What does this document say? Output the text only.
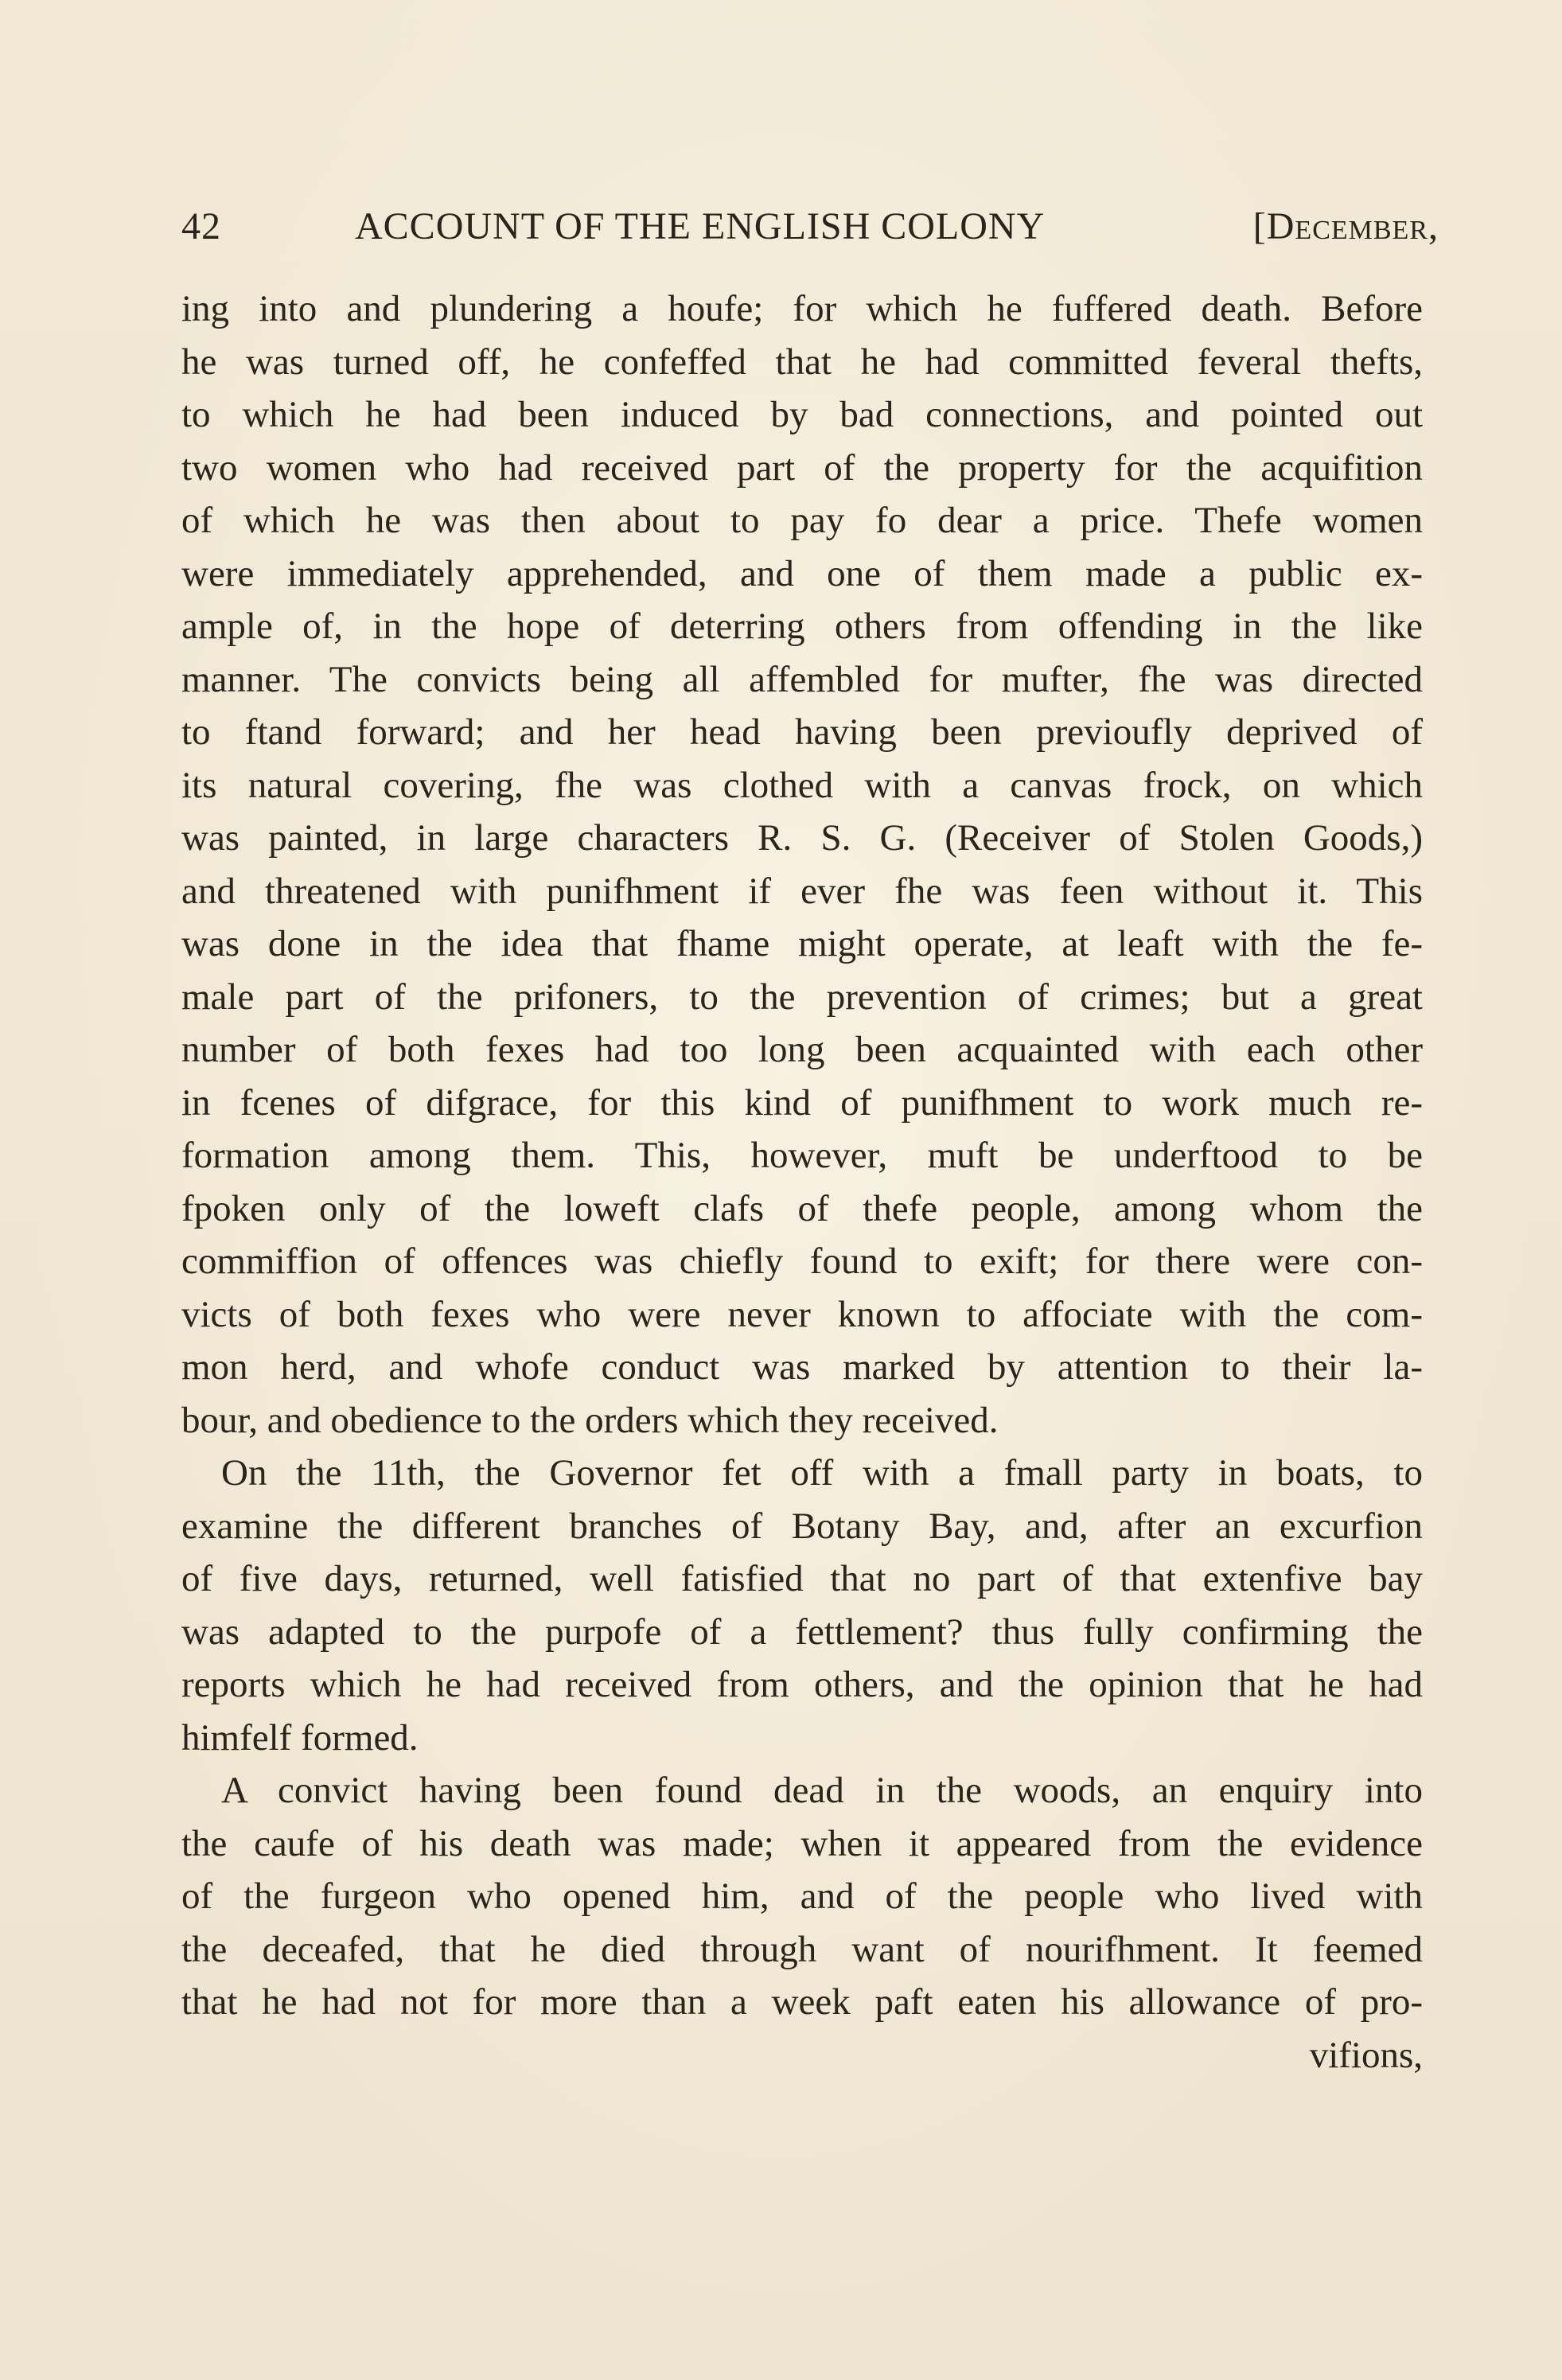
42	ACCOUNT OF THE ENGLISH COLONY	[December,
ing into and plundering a houfe; for which he fuffered death. Before
he was turned off, he confeffed that he had committed feveral thefts,
to which he had been induced by bad connections, and pointed out
two women who had received part of the property for the acquifition
of which he was then about to pay fo dear a price. Thefe women
were immediately apprehended, and one of them made a public ex-
ample of, in the hope of deterring others from offending in the like
manner. The convicts being all affembled for mufter, fhe was directed
to ftand forward; and her head having been previoufly deprived of
its natural covering, fhe was clothed with a canvas frock, on which
was painted, in large characters R. S. G. (Receiver of Stolen Goods,)
and threatened with punifhment if ever fhe was feen without it. This
was done in the idea that fhame might operate, at leaft with the fe-
male part of the prifoners, to the prevention of crimes; but a great
number of both fexes had too long been acquainted with each other
in fcenes of difgrace, for this kind of punifhment to work much re-
formation among them. This, however, muft be underftood to be
fpoken only of the loweft clafs of thefe people, among whom the
commiffion of offences was chiefly found to exift; for there were con-
victs of both fexes who were never known to affociate with the com-
mon herd, and whofe conduct was marked by attention to their la-
bour, and obedience to the orders which they received.
On the 11th, the Governor fet off with a fmall party in boats, to
examine the different branches of Botany Bay, and, after an excurfion
of five days, returned, well fatisfied that no part of that extenfive bay
was adapted to the purpofe of a fettlement? thus fully confirming the
reports which he had received from others, and the opinion that he had
himfelf formed.
A convict having been found dead in the woods, an enquiry into
the caufe of his death was made; when it appeared from the evidence
of the furgeon who opened him, and of the people who lived with
the deceafed, that he died through want of nourifhment. It feemed
that he had not for more than a week paft eaten his allowance of pro-
vifions,
